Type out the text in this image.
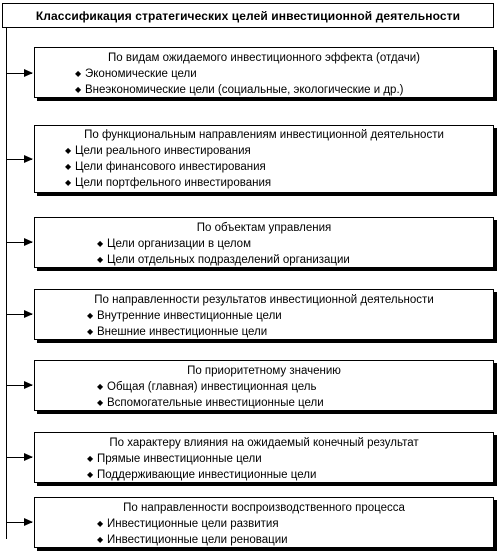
Классификация стратегических целей инвестиционной деятельности
По видам ожидаемого инвестиционного эффекта (отдачи)
◆ Экономические цели
◆ Внеэкономические цели (социальные, экологические и др.)
По функциональным направлениям инвестиционной деятельности
◆ Цели реального инвестирования
◆ Цели финансового инвестирования
◆ Цели портфельного инвестирования
По объектам управления
◆ Цели организации в целом
◆ Цели отдельных подразделений организации
По направленности результатов инвестиционной деятельности
◆ Внутренние инвестиционные цели
◆ Внешние инвестиционные цели
По приоритетному значению
◆ Общая (главная) инвестиционная цель
◆ Вспомогательные инвестиционные цели
По характеру влияния на ожидаемый конечный результат
◆ Прямые инвестиционные цели
◆ Поддерживающие инвестиционные цели
По направленности воспроизводственного процесса
◆ Инвестиционные цели развития
◆ Инвестиционные цели реновации
